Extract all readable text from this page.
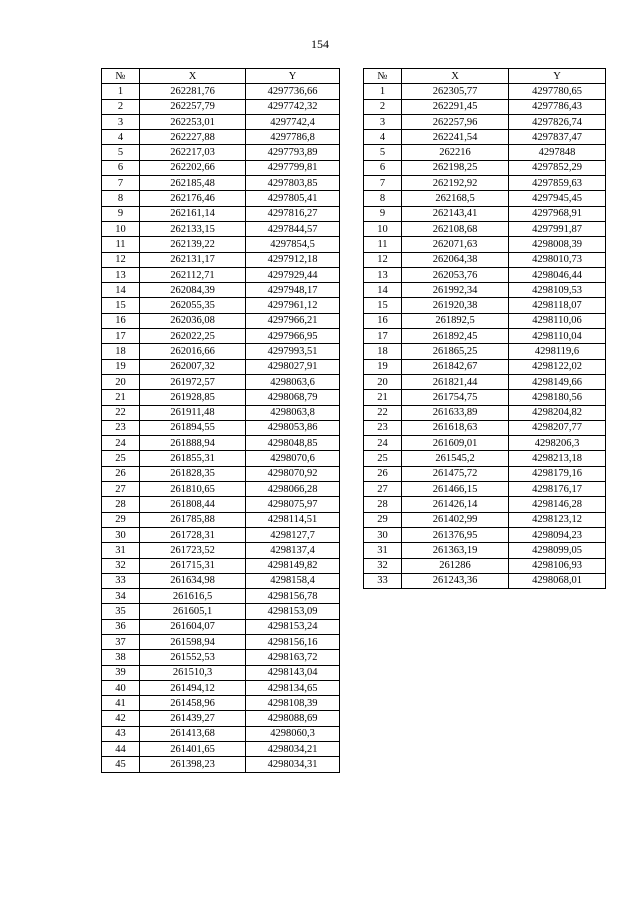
154
№	X	Y
1	262281,76	4297736,66
2	262257,79	4297742,32
3	262253,01	4297742,4
4	262227,88	4297786,8
5	262217,03	4297793,89
6	262202,66	4297799,81
7	262185,48	4297803,85
8	262176,46	4297805,41
9	262161,14	4297816,27
10	262133,15	4297844,57
11	262139,22	4297854,5
12	262131,17	4297912,18
13	262112,71	4297929,44
14	262084,39	4297948,17
15	262055,35	4297961,12
16	262036,08	4297966,21
17	262022,25	4297966,95
18	262016,66	4297993,51
19	262007,32	4298027,91
20	261972,57	4298063,6
21	261928,85	4298068,79
22	261911,48	4298063,8
23	261894,55	4298053,86
24	261888,94	4298048,85
25	261855,31	4298070,6
26	261828,35	4298070,92
27	261810,65	4298066,28
28	261808,44	4298075,97
29	261785,88	4298114,51
30	261728,31	4298127,7
31	261723,52	4298137,4
32	261715,31	4298149,82
33	261634,98	4298158,4
34	261616,5	4298156,78
35	261605,1	4298153,09
36	261604,07	4298153,24
37	261598,94	4298156,16
38	261552,53	4298163,72
39	261510,3	4298143,04
40	261494,12	4298134,65
41	261458,96	4298108,39
42	261439,27	4298088,69
43	261413,68	4298060,3
44	261401,65	4298034,21
45	261398,23	4298034,31
№	X	Y
1	262305,77	4297780,65
2	262291,45	4297786,43
3	262257,96	4297826,74
4	262241,54	4297837,47
5	262216	4297848
6	262198,25	4297852,29
7	262192,92	4297859,63
8	262168,5	4297945,45
9	262143,41	4297968,91
10	262108,68	4297991,87
11	262071,63	4298008,39
12	262064,38	4298010,73
13	262053,76	4298046,44
14	261992,34	4298109,53
15	261920,38	4298118,07
16	261892,5	4298110,06
17	261892,45	4298110,04
18	261865,25	4298119,6
19	261842,67	4298122,02
20	261821,44	4298149,66
21	261754,75	4298180,56
22	261633,89	4298204,82
23	261618,63	4298207,77
24	261609,01	4298206,3
25	261545,2	4298213,18
26	261475,72	4298179,16
27	261466,15	4298176,17
28	261426,14	4298146,28
29	261402,99	4298123,12
30	261376,95	4298094,23
31	261363,19	4298099,05
32	261286	4298106,93
33	261243,36	4298068,01
